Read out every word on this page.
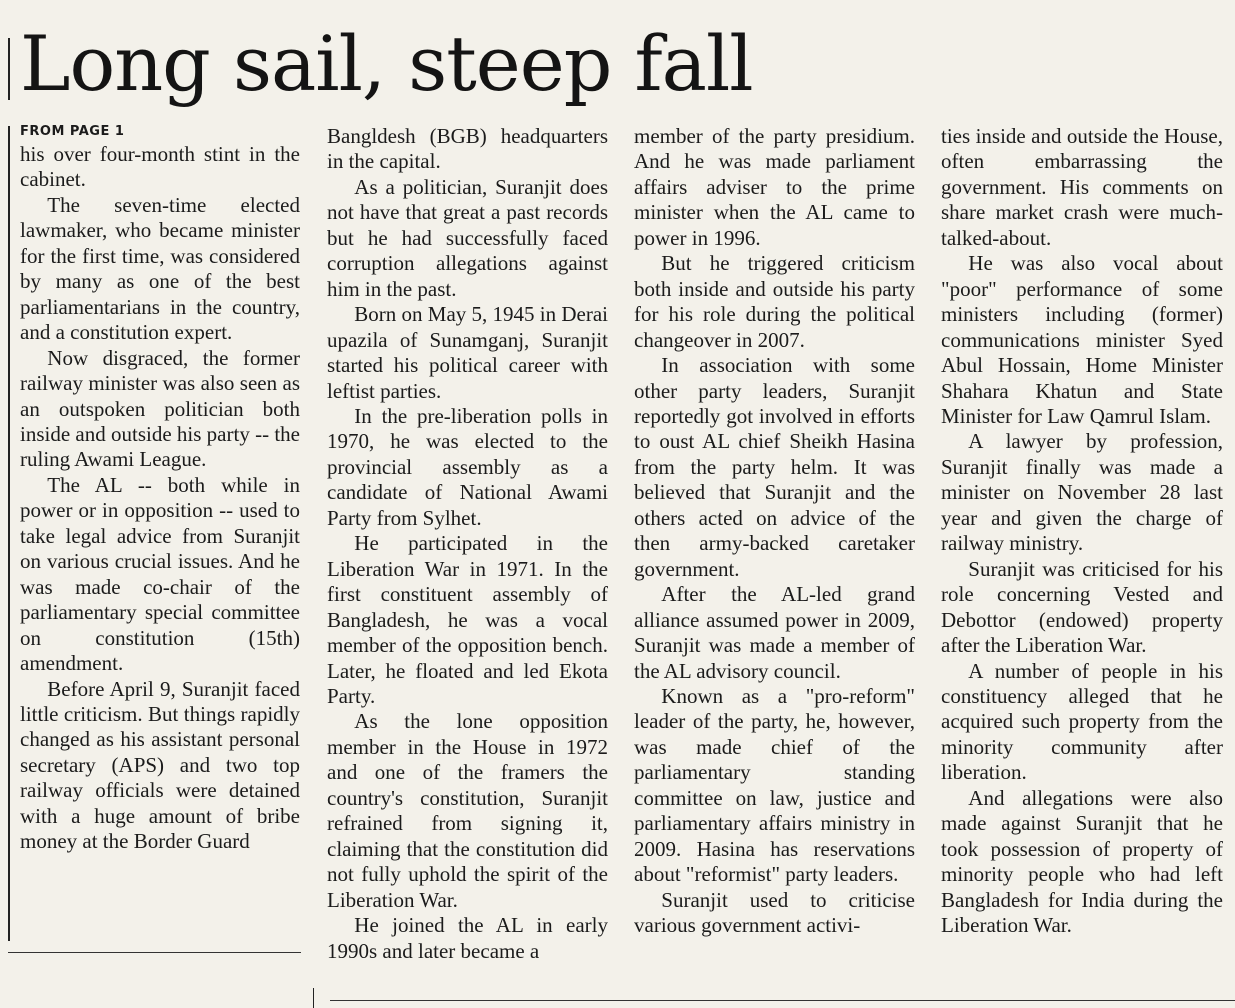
Long sail, steep fall
FROM PAGE 1

his over four-month stint in the cabinet.

The seven-time elected lawmaker, who became minister for the first time, was considered by many as one of the best parliamentarians in the country, and a constitution expert.

Now disgraced, the former railway minister was also seen as an outspoken politician both inside and outside his party -- the ruling Awami League.

The AL -- both while in power or in opposition -- used to take legal advice from Suranjit on various crucial issues. And he was made co-chair of the parliamentary special committee on constitution (15th) amendment.

Before April 9, Suranjit faced little criticism. But things rapidly changed as his assistant personal secretary (APS) and two top railway officials were detained with a huge amount of bribe money at the Border Guard

Bangldesh (BGB) headquarters in the capital.

As a politician, Suranjit does not have that great a past records but he had successfully faced corruption allegations against him in the past.

Born on May 5, 1945 in Derai upazila of Sunamganj, Suranjit started his political career with leftist parties.

In the pre-liberation polls in 1970, he was elected to the provincial assembly as a candidate of National Awami Party from Sylhet.

He participated in the Liberation War in 1971. In the first constituent assembly of Bangladesh, he was a vocal member of the opposition bench. Later, he floated and led Ekota Party.

As the lone opposition member in the House in 1972 and one of the framers the country's constitution, Suranjit refrained from signing it, claiming that the constitution did not fully uphold the spirit of the Liberation War.

He joined the AL in early 1990s and later became a

member of the party presidium. And he was made parliament affairs adviser to the prime minister when the AL came to power in 1996.

But he triggered criticism both inside and outside his party for his role during the political changeover in 2007.

In association with some other party leaders, Suranjit reportedly got involved in efforts to oust AL chief Sheikh Hasina from the party helm. It was believed that Suranjit and the others acted on advice of the then army-backed caretaker government.

After the AL-led grand alliance assumed power in 2009, Suranjit was made a member of the AL advisory council.

Known as a "pro-reform" leader of the party, he, however, was made chief of the parliamentary standing committee on law, justice and parliamentary affairs ministry in 2009. Hasina has reservations about "reformist" party leaders.

Suranjit used to criticise various government activi-

ties inside and outside the House, often embarrassing the government. His comments on share market crash were much- talked-about.

He was also vocal about "poor" performance of some ministers including (former) communications minister Syed Abul Hossain, Home Minister Shahara Khatun and State Minister for Law Qamrul Islam.

A lawyer by profession, Suranjit finally was made a minister on November 28 last year and given the charge of railway ministry.

Suranjit was criticised for his role concerning Vested and Debottor (endowed) property after the Liberation War.

A number of people in his constituency alleged that he acquired such property from the minority community after liberation.

And allegations were also made against Suranjit that he took possession of property of minority people who had left Bangladesh for India during the Liberation War.
